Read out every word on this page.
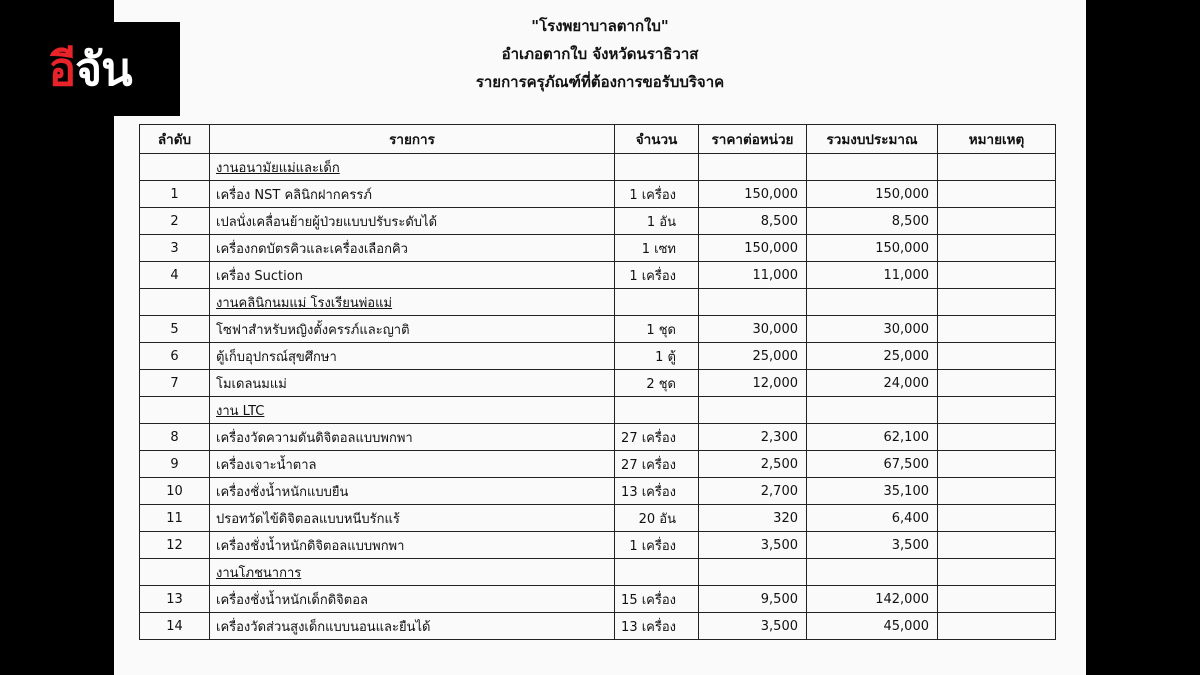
"โรงพยาบาลตากใบ"
อำเภอตากใบ จังหวัดนราธิวาส
รายการครุภัณฑ์ที่ต้องการขอรับบริจาค
ลำดับ	รายการ	จำนวน	ราคาต่อหน่วย	รวมงบประมาณ	หมายเหตุ
	งานอนามัยแม่และเด็ก				
1	เครื่อง NST คลินิกฝากครรภ์	1 เครื่อง	150,000	150,000	
2	เปลนั่งเคลื่อนย้ายผู้ป่วยแบบปรับระดับได้	1 อัน	8,500	8,500	
3	เครื่องกดบัตรคิวและเครื่องเลือกคิว	1 เซท	150,000	150,000	
4	เครื่อง Suction	1 เครื่อง	11,000	11,000	
	งานคลินิกนมแม่ โรงเรียนพ่อแม่				
5	โซฟาสำหรับหญิงตั้งครรภ์และญาติ	1 ชุด	30,000	30,000	
6	ตู้เก็บอุปกรณ์สุขศึกษา	1 ตู้	25,000	25,000	
7	โมเดลนมแม่	2 ชุด	12,000	24,000	
	งาน LTC				
8	เครื่องวัดความดันดิจิตอลแบบพกพา	27 เครื่อง	2,300	62,100	
9	เครื่องเจาะน้ำตาล	27 เครื่อง	2,500	67,500	
10	เครื่องชั่งน้ำหนักแบบยืน	13 เครื่อง	2,700	35,100	
11	ปรอทวัดไข้ดิจิตอลแบบหนีบรักแร้	20 อัน	320	6,400	
12	เครื่องชั่งน้ำหนักดิจิตอลแบบพกพา	1 เครื่อง	3,500	3,500	
	งานโภชนาการ				
13	เครื่องชั่งน้ำหนักเด็กดิจิตอล	15 เครื่อง	9,500	142,000	
14	เครื่องวัดส่วนสูงเด็กแบบนอนและยืนได้	13 เครื่อง	3,500	45,000	
อี จัน
